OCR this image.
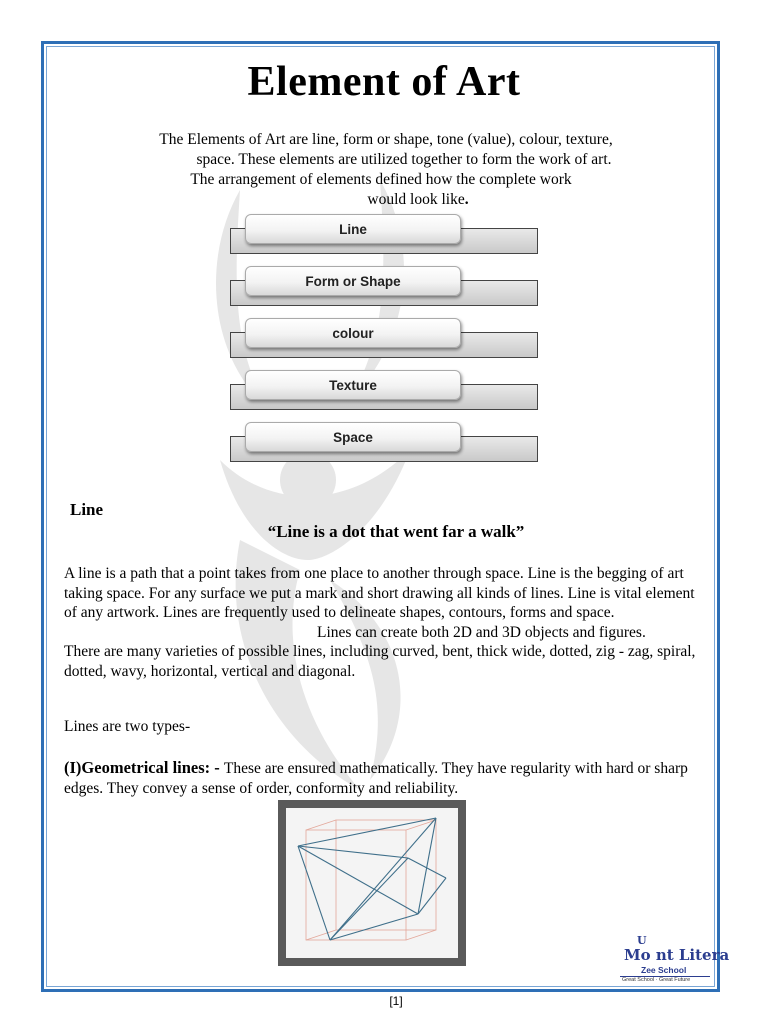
Element of Art

The Elements of Art are line, form or shape, tone (value), colour, texture,

space. These elements are utilized together to form the work of art.

The arrangement of elements defined how the complete work

would look like.

Line
Form or Shape
colour
Texture
Space
Line
“Line is a dot that went far a walk”

A line is a path that a point takes from one place to another through space. Line is the begging of art taking space. For any surface we put a mark and short drawing all kinds of lines. Line is vital element of any artwork. Lines are frequently used to delineate shapes, contours, forms and space.

Lines can create both 2D and 3D objects and figures.

There are many varieties of possible lines, including curved, bent, thick wide, dotted, zig - zag, spiral, dotted, wavy, horizontal, vertical and diagonal.

Lines are two types-

(I)Geometrical lines: - These are ensured mathematically. They have regularity with hard or sharp edges. They convey a sense of order, conformity and reliability.

U
Mo nt Litera
Zee School
Great School · Great Future
[1]
